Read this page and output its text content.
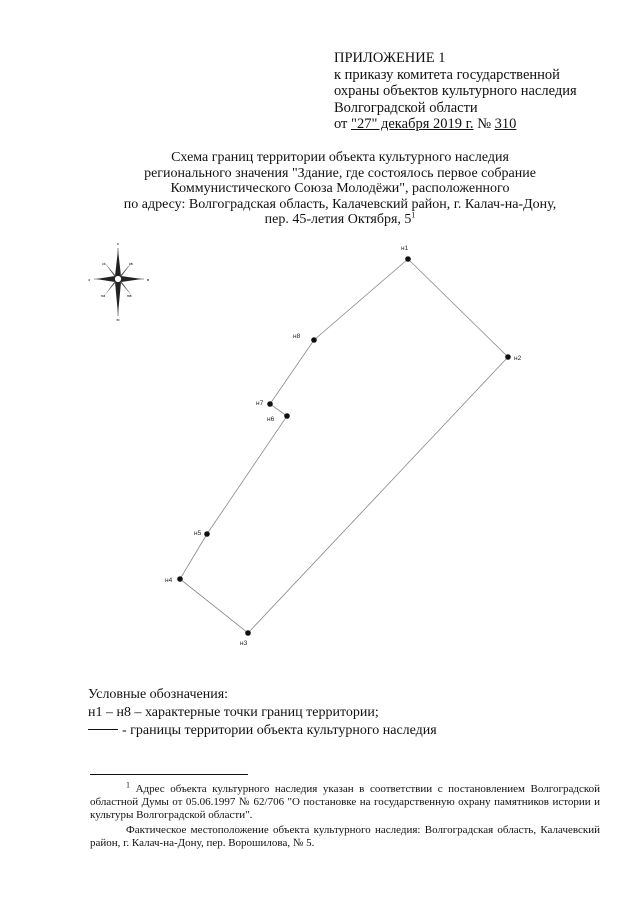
ПРИЛОЖЕНИЕ 1
к приказу комитета государственной
охраны объектов культурного наследия
Волгоградской области
от "27" декабря 2019 г. № 310
Схема границ территории объекта культурного наследия
регионального значения "Здание, где состоялось первое собрание
Коммунистического Союза Молодёжи", расположенного
по адресу: Волгоградская область, Калачевский район, г. Калач-на-Дону,
пер. 45-летия Октября, $5^1$
с
ю
в
з
св
сз
юв
юз
н1
н2
н3
н4
н5
н6
н7
н8
Условные обозначения:
н1 – н8 – характерные точки границ территории;
- границы территории объекта культурного наследия

$^1$ Адрес объекта культурного наследия указан в соответствии с постановлением Волгоградской областной Думы от 05.06.1997 № 62/706 "О постановке на государственную охрану памятников истории и культуры Волгоградской области".

Фактическое местоположение объекта культурного наследия: Волгоградская область, Калачевский район, г. Калач-на-Дону, пер. Ворошилова, № 5.
